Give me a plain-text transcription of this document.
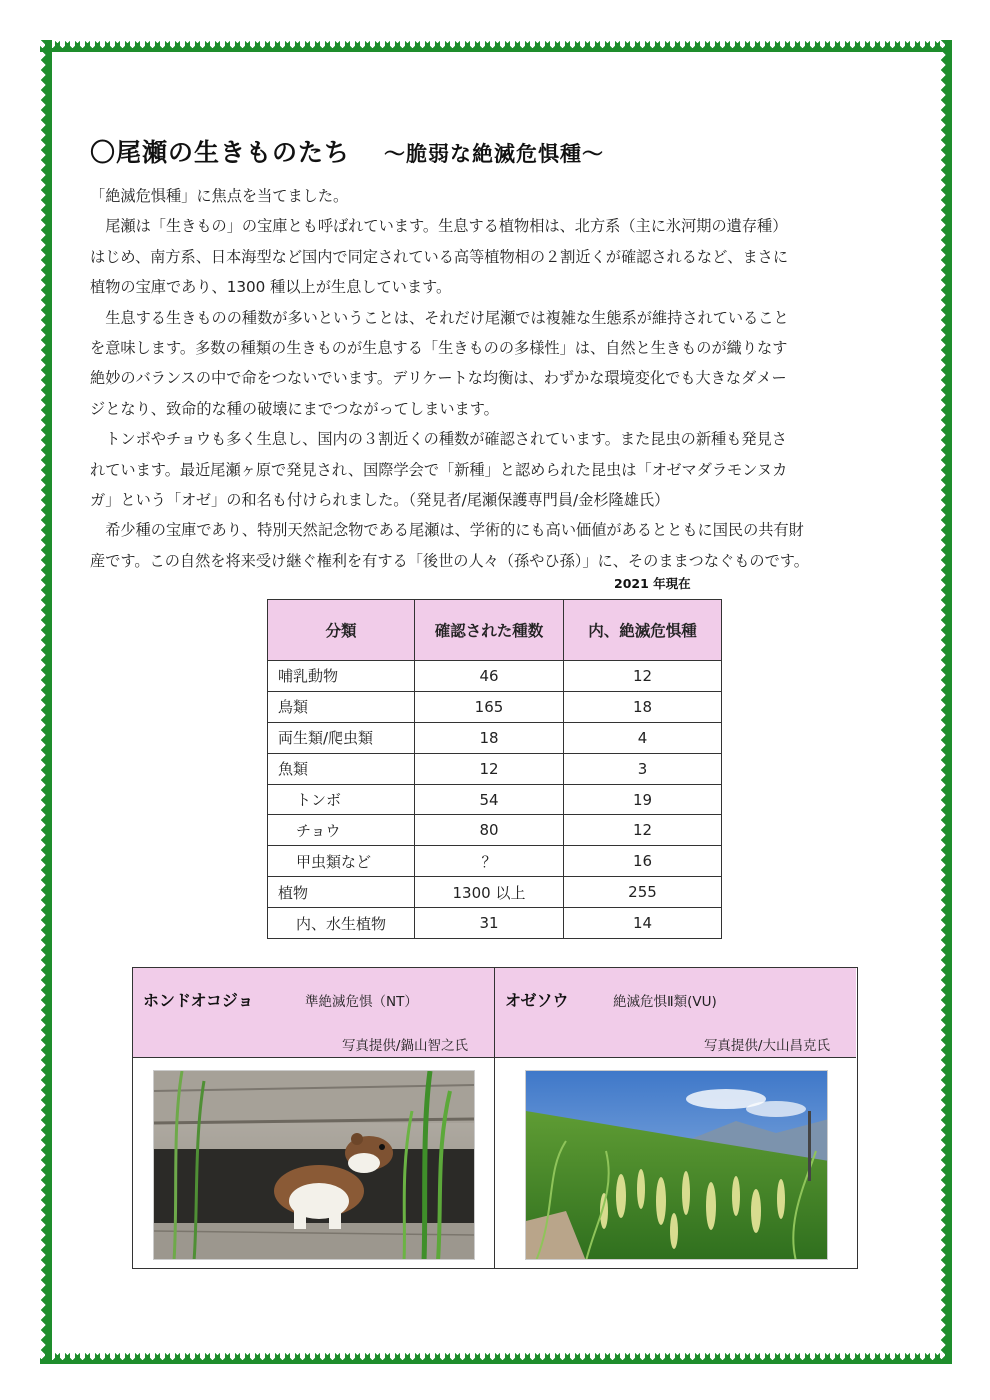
〇尾瀬の生きものたち ～脆弱な絶滅危惧種～

「絶滅危惧種」に焦点を当てました。

　尾瀬は「生きもの」の宝庫とも呼ばれています。生息する植物相は、北方系（主に氷河期の遺存種）

はじめ、南方系、日本海型など国内で同定されている高等植物相の２割近くが確認されるなど、まさに

植物の宝庫であり、1300 種以上が生息しています。

　生息する生きものの種数が多いということは、それだけ尾瀬では複雑な生態系が維持されていること

を意味します。多数の種類の生きものが生息する「生きものの多様性」は、自然と生きものが織りなす

絶妙のバランスの中で命をつないでいます。デリケートな均衡は、わずかな環境変化でも大きなダメー

ジとなり、致命的な種の破壊にまでつながってしまいます。

　トンボやチョウも多く生息し、国内の３割近くの種数が確認されています。また昆虫の新種も発見さ

れています。最近尾瀬ヶ原で発見され、国際学会で「新種」と認められた昆虫は「オゼマダラモンヌカ

ガ」という「オゼ」の和名も付けられました。（発見者/尾瀬保護専門員/金杉隆雄氏）

　希少種の宝庫であり、特別天然記念物である尾瀬は、学術的にも高い価値があるとともに国民の共有財

産です。この自然を将来受け継ぐ権利を有する「後世の人々（孫やひ孫）」に、そのままつなぐものです。

2021 年現在
分類	確認された種数	内、絶滅危惧種
哺乳動物	46	12
鳥類	165	18
両生類/爬虫類	18	4
魚類	12	3
トンボ	54	19
チョウ	80	12
甲虫類など	？	16
植物	1300 以上	255
内、水生植物	31	14
ホンドオコジョ	準絶滅危惧（NT）
写真提供/鍋山智之氏
オゼソウ	絶滅危惧Ⅱ類(VU)
写真提供/大山昌克氏
